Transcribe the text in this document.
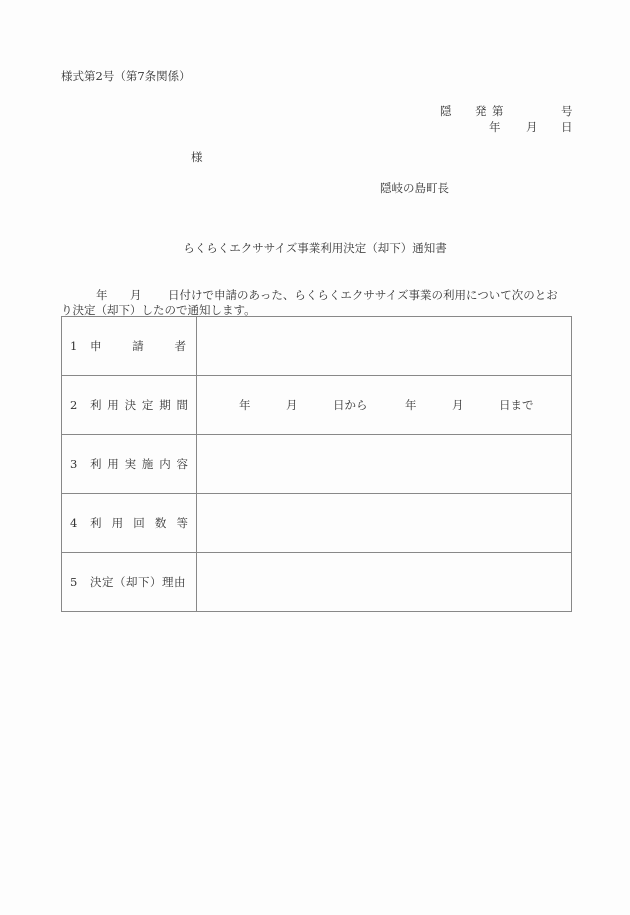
様式第2号（第7条関係）
隠 発 第	号
年 月 日
様
隠岐の島町長
らくらくエクササイズ事業利用決定（却下）通知書
年 月 日付けで申請のあった、らくらくエクササイズ事業の利用について次のとお
り決定（却下）したので通知します。
1 申 請 者	

2 利 用 決 定 期 間	年	月	日から	年	月	日まで

3 利 用 実 施 内 容

4 利 用 回 数 等

5 決定（却下）理由	
